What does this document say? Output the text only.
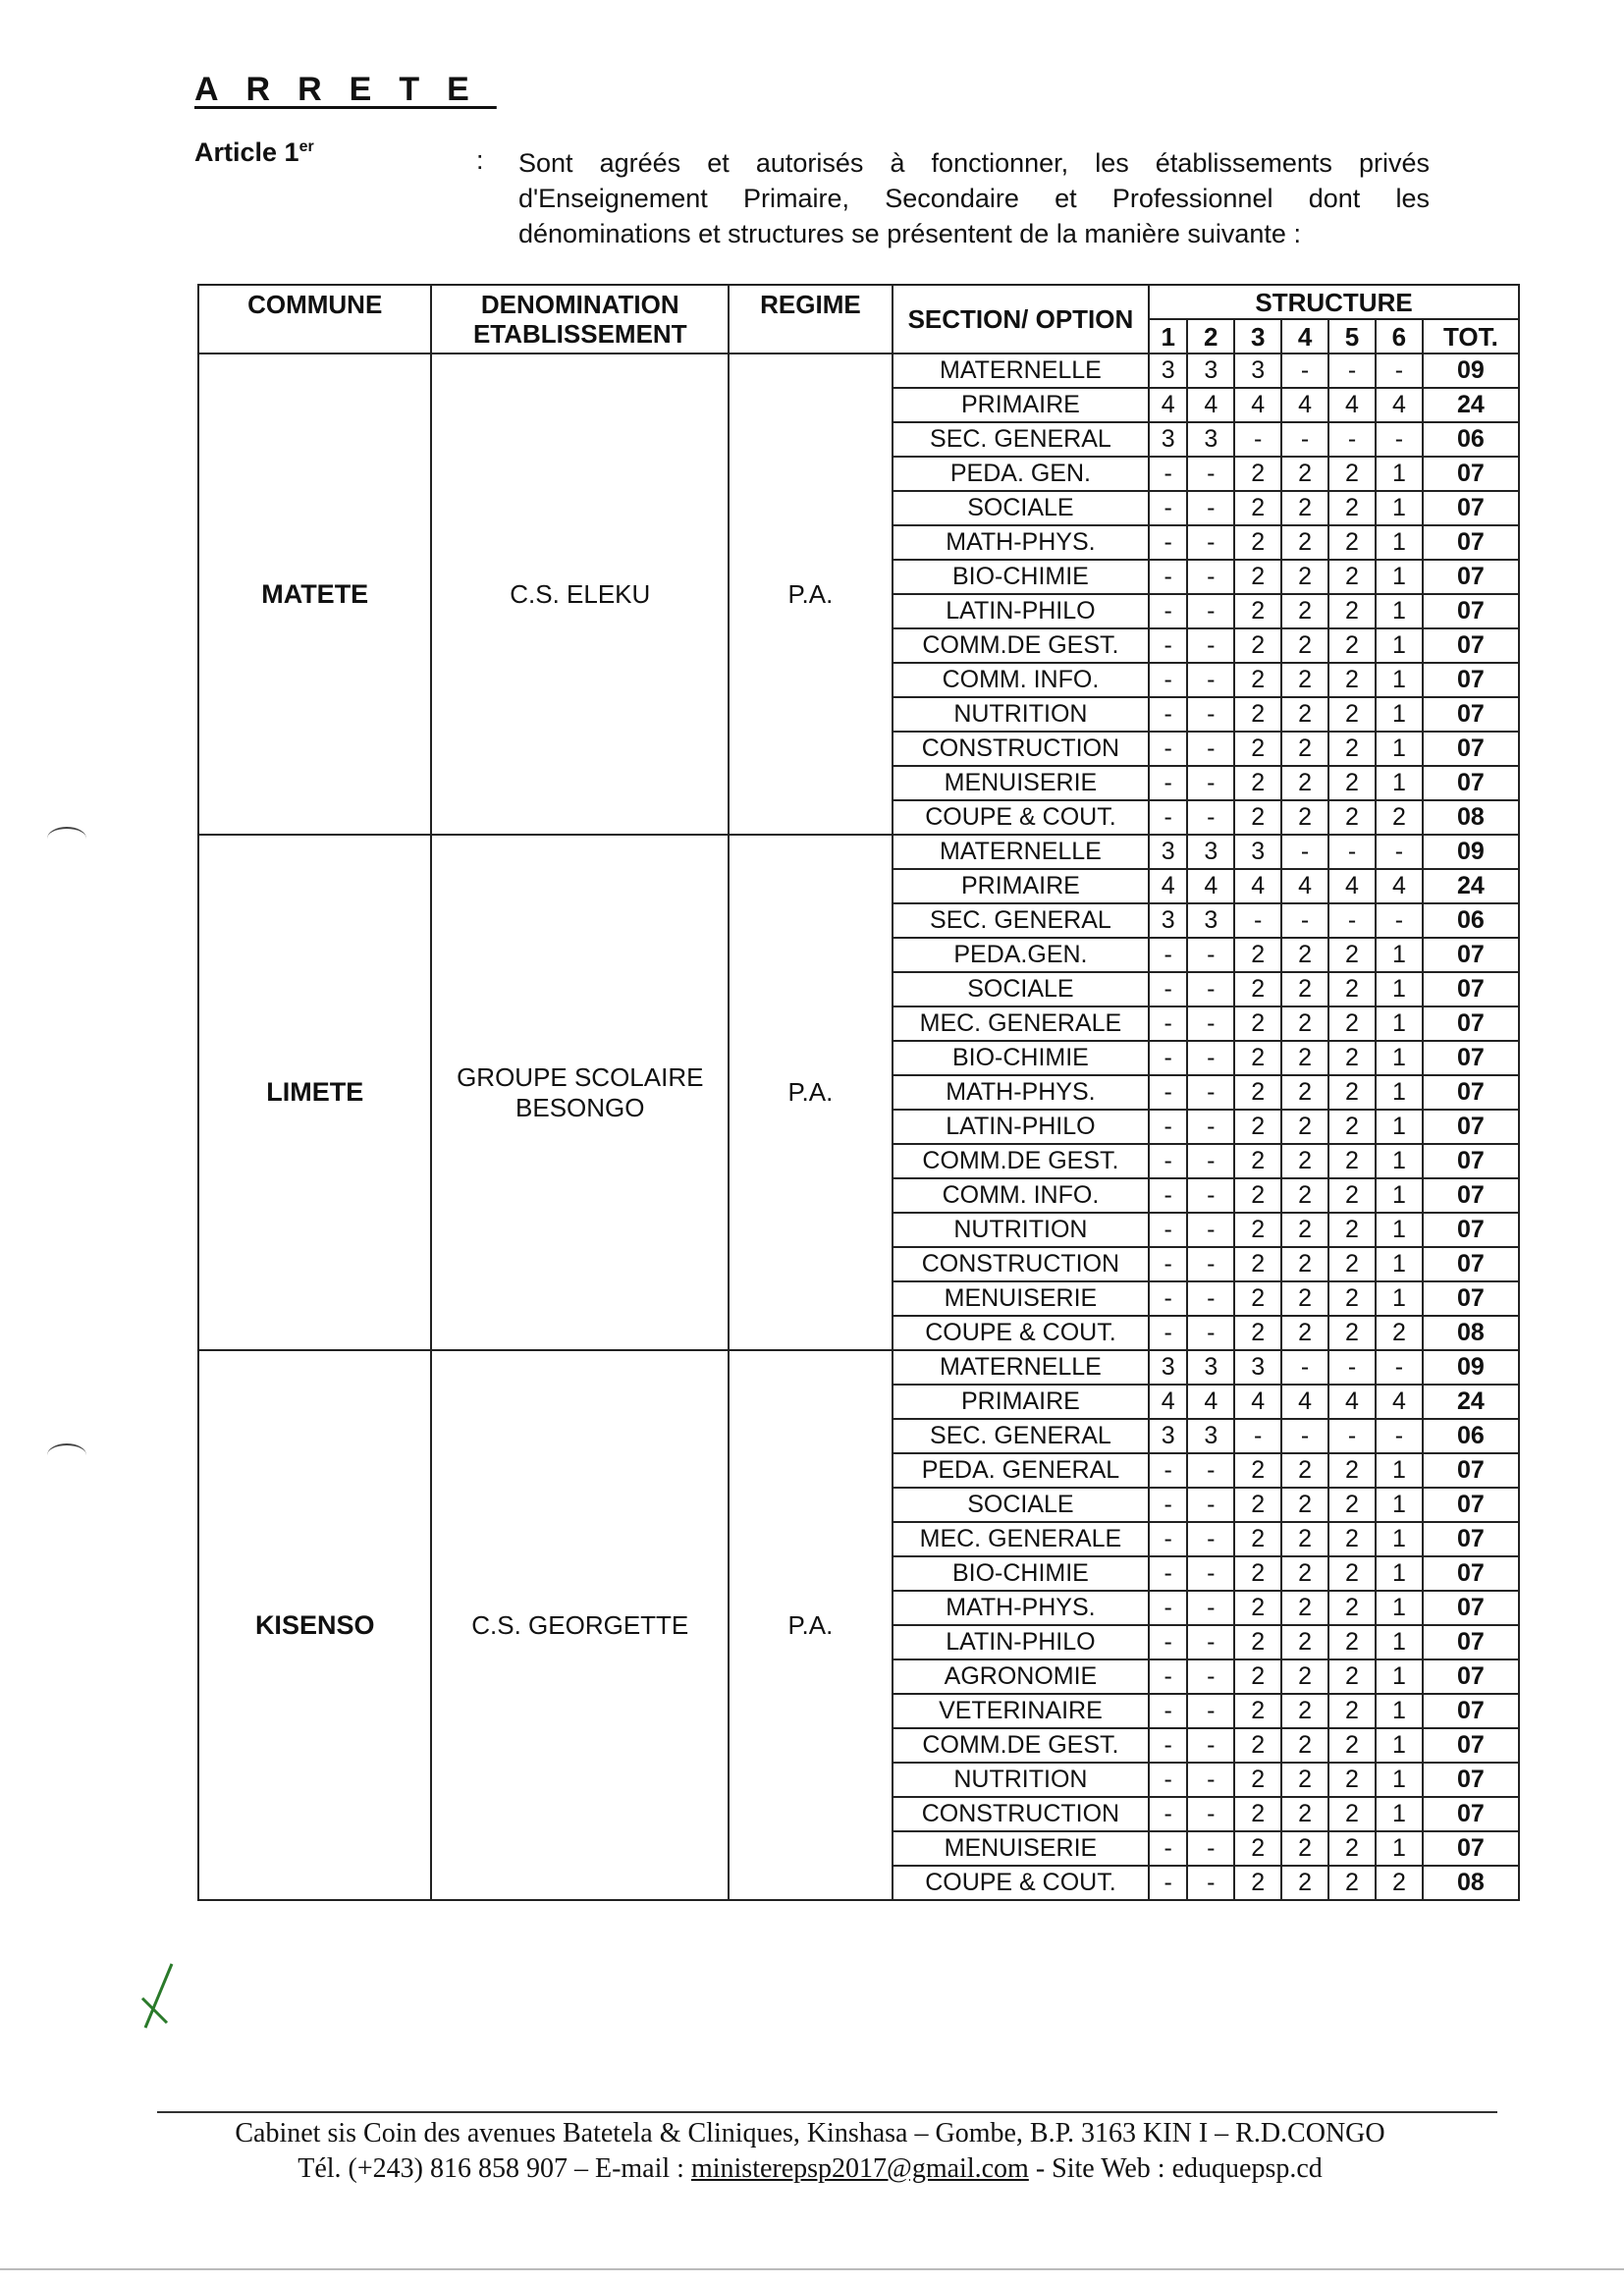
ARRETE
Article 1er	: Sont agréés et autorisés à fonctionner, les établissements privés d'Enseignement Primaire, Secondaire et Professionnel dont les dénominations et structures se présentent de la manière suivante :
COMMUNE	DENOMINATION ETABLISSEMENT	REGIME	SECTION/ OPTION	STRUCTURE						
				1	2	3	4	5	6	TOT.
MATETE	C.S. ELEKU	P.A.	MATERNELLE	3	3	3	-	-	-	09
			PRIMAIRE	4	4	4	4	4	4	24
			SEC. GENERAL	3	3	-	-	-	-	06
			PEDA. GEN.	-	-	2	2	2	1	07
			SOCIALE	-	-	2	2	2	1	07
			MATH-PHYS.	-	-	2	2	2	1	07
			BIO-CHIMIE	-	-	2	2	2	1	07
			LATIN-PHILO	-	-	2	2	2	1	07
			COMM.DE GEST.	-	-	2	2	2	1	07
			COMM. INFO.	-	-	2	2	2	1	07
			NUTRITION	-	-	2	2	2	1	07
			CONSTRUCTION	-	-	2	2	2	1	07
			MENUISERIE	-	-	2	2	2	1	07
			COUPE & COUT.	-	-	2	2	2	2	08
LIMETE	GROUPE SCOLAIRE BESONGO	P.A.	MATERNELLE	3	3	3	-	-	-	09
			PRIMAIRE	4	4	4	4	4	4	24
			SEC. GENERAL	3	3	-	-	-	-	06
			PEDA.GEN.	-	-	2	2	2	1	07
			SOCIALE	-	-	2	2	2	1	07
			MEC. GENERALE	-	-	2	2	2	1	07
			BIO-CHIMIE	-	-	2	2	2	1	07
			MATH-PHYS.	-	-	2	2	2	1	07
			LATIN-PHILO	-	-	2	2	2	1	07
			COMM.DE GEST.	-	-	2	2	2	1	07
			COMM. INFO.	-	-	2	2	2	1	07
			NUTRITION	-	-	2	2	2	1	07
			CONSTRUCTION	-	-	2	2	2	1	07
			MENUISERIE	-	-	2	2	2	1	07
			COUPE & COUT.	-	-	2	2	2	2	08
KISENSO	C.S. GEORGETTE	P.A.	MATERNELLE	3	3	3	-	-	-	09
			PRIMAIRE	4	4	4	4	4	4	24
			SEC. GENERAL	3	3	-	-	-	-	06
			PEDA. GENERAL	-	-	2	2	2	1	07
			SOCIALE	-	-	2	2	2	1	07
			MEC. GENERALE	-	-	2	2	2	1	07
			BIO-CHIMIE	-	-	2	2	2	1	07
			MATH-PHYS.	-	-	2	2	2	1	07
			LATIN-PHILO	-	-	2	2	2	1	07
			AGRONOMIE	-	-	2	2	2	1	07
			VETERINAIRE	-	-	2	2	2	1	07
			COMM.DE GEST.	-	-	2	2	2	1	07
			NUTRITION	-	-	2	2	2	1	07
			CONSTRUCTION	-	-	2	2	2	1	07
			MENUISERIE	-	-	2	2	2	1	07
			COUPE & COUT.	-	-	2	2	2	2	08
Cabinet sis Coin des avenues Batetela & Cliniques, Kinshasa – Gombe, B.P. 3163 KIN I – R.D.CONGO
Tél. (+243) 816 858 907 – E-mail : ministerepsp2017@gmail.com - Site Web : eduquepsp.cd
